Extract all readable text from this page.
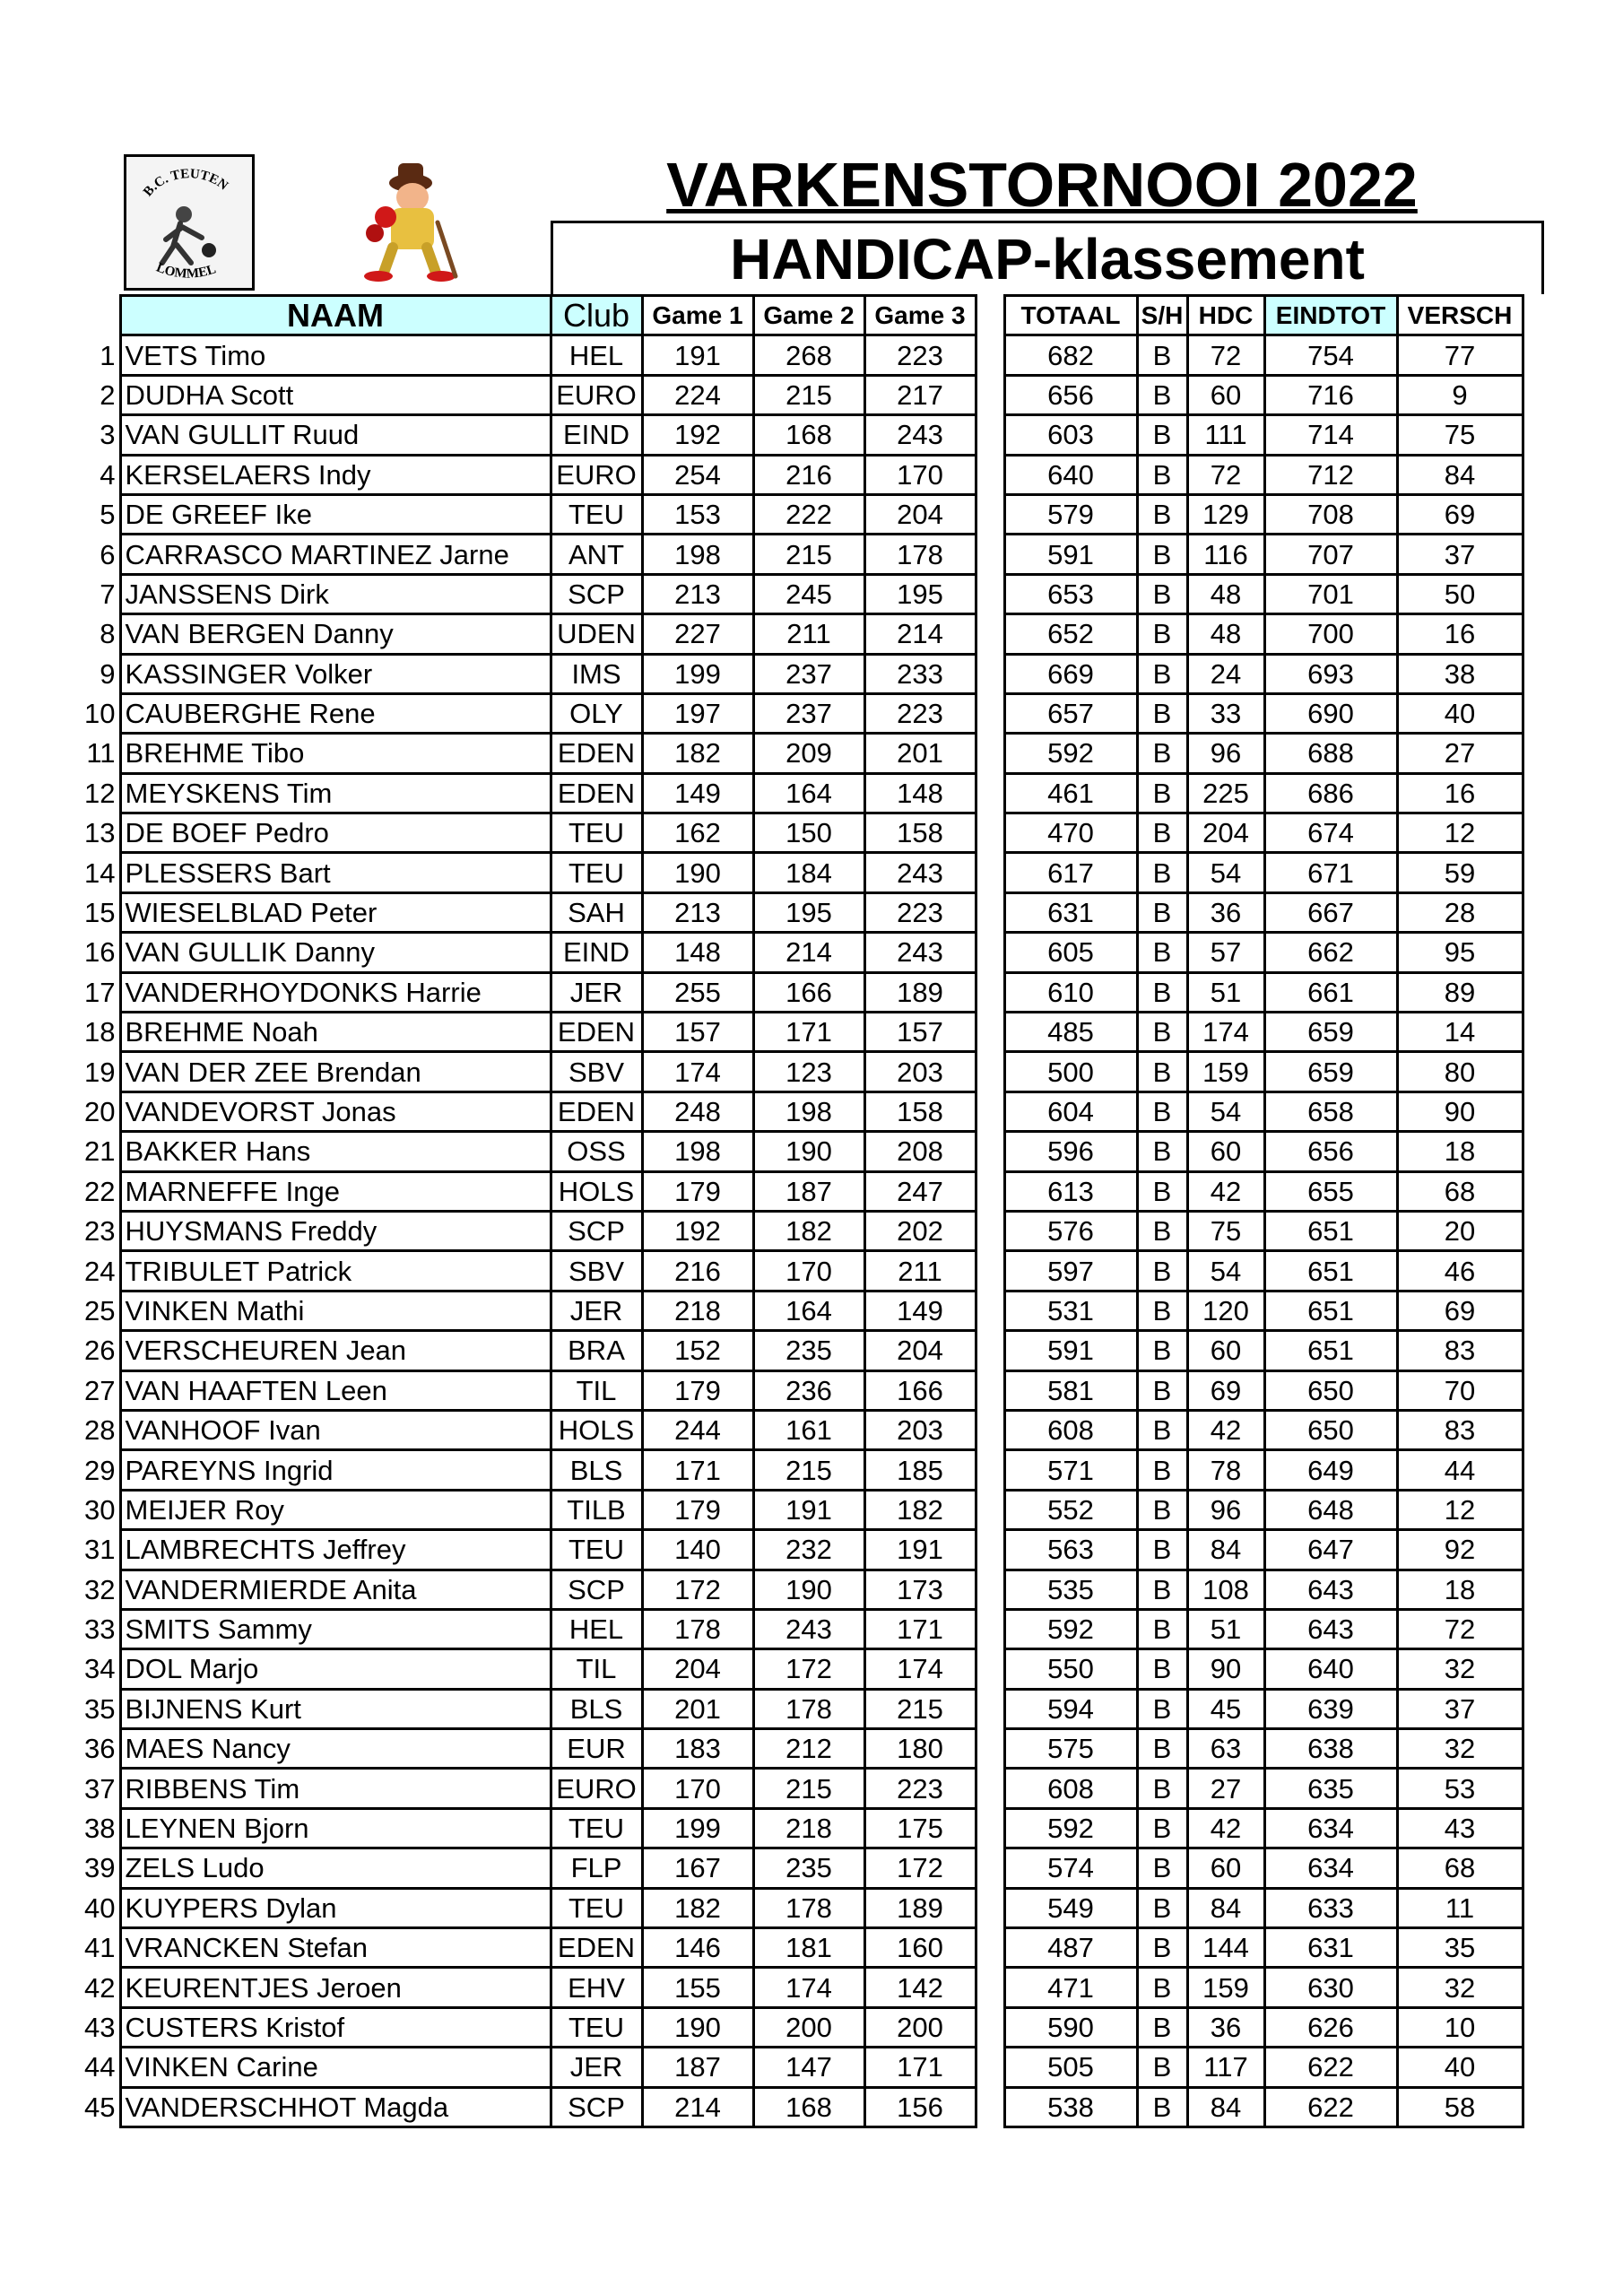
B.C. TEUTEN
LOMMEL
VARKENSTORNOOI 2022
HANDICAP-klassement
	NAAM	Club	Game 1	Game 2	Game 3		TOTAAL	S/H	HDC	EINDTOT	VERSCH
1	VETS Timo	HEL	191	268	223		682	B	72	754	77
2	DUDHA Scott	EURO	224	215	217		656	B	60	716	9
3	VAN GULLIT Ruud	EIND	192	168	243		603	B	111	714	75
4	KERSELAERS Indy	EURO	254	216	170		640	B	72	712	84
5	DE GREEF Ike	TEU	153	222	204		579	B	129	708	69
6	CARRASCO MARTINEZ Jarne	ANT	198	215	178		591	B	116	707	37
7	JANSSENS Dirk	SCP	213	245	195		653	B	48	701	50
8	VAN BERGEN Danny	UDEN	227	211	214		652	B	48	700	16
9	KASSINGER Volker	IMS	199	237	233		669	B	24	693	38
10	CAUBERGHE Rene	OLY	197	237	223		657	B	33	690	40
11	BREHME Tibo	EDEN	182	209	201		592	B	96	688	27
12	MEYSKENS Tim	EDEN	149	164	148		461	B	225	686	16
13	DE BOEF Pedro	TEU	162	150	158		470	B	204	674	12
14	PLESSERS Bart	TEU	190	184	243		617	B	54	671	59
15	WIESELBLAD Peter	SAH	213	195	223		631	B	36	667	28
16	VAN GULLIK Danny	EIND	148	214	243		605	B	57	662	95
17	VANDERHOYDONKS Harrie	JER	255	166	189		610	B	51	661	89
18	BREHME Noah	EDEN	157	171	157		485	B	174	659	14
19	VAN DER ZEE Brendan	SBV	174	123	203		500	B	159	659	80
20	VANDEVORST Jonas	EDEN	248	198	158		604	B	54	658	90
21	BAKKER Hans	OSS	198	190	208		596	B	60	656	18
22	MARNEFFE Inge	HOLS	179	187	247		613	B	42	655	68
23	HUYSMANS Freddy	SCP	192	182	202		576	B	75	651	20
24	TRIBULET Patrick	SBV	216	170	211		597	B	54	651	46
25	VINKEN Mathi	JER	218	164	149		531	B	120	651	69
26	VERSCHEUREN Jean	BRA	152	235	204		591	B	60	651	83
27	VAN HAAFTEN Leen	TIL	179	236	166		581	B	69	650	70
28	VANHOOF Ivan	HOLS	244	161	203		608	B	42	650	83
29	PAREYNS Ingrid	BLS	171	215	185		571	B	78	649	44
30	MEIJER Roy	TILB	179	191	182		552	B	96	648	12
31	LAMBRECHTS Jeffrey	TEU	140	232	191		563	B	84	647	92
32	VANDERMIERDE Anita	SCP	172	190	173		535	B	108	643	18
33	SMITS Sammy	HEL	178	243	171		592	B	51	643	72
34	DOL Marjo	TIL	204	172	174		550	B	90	640	32
35	BIJNENS Kurt	BLS	201	178	215		594	B	45	639	37
36	MAES Nancy	EUR	183	212	180		575	B	63	638	32
37	RIBBENS Tim	EURO	170	215	223		608	B	27	635	53
38	LEYNEN Bjorn	TEU	199	218	175		592	B	42	634	43
39	ZELS Ludo	FLP	167	235	172		574	B	60	634	68
40	KUYPERS Dylan	TEU	182	178	189		549	B	84	633	11
41	VRANCKEN Stefan	EDEN	146	181	160		487	B	144	631	35
42	KEURENTJES Jeroen	EHV	155	174	142		471	B	159	630	32
43	CUSTERS Kristof	TEU	190	200	200		590	B	36	626	10
44	VINKEN Carine	JER	187	147	171		505	B	117	622	40
45	VANDERSCHHOT Magda	SCP	214	168	156		538	B	84	622	58
